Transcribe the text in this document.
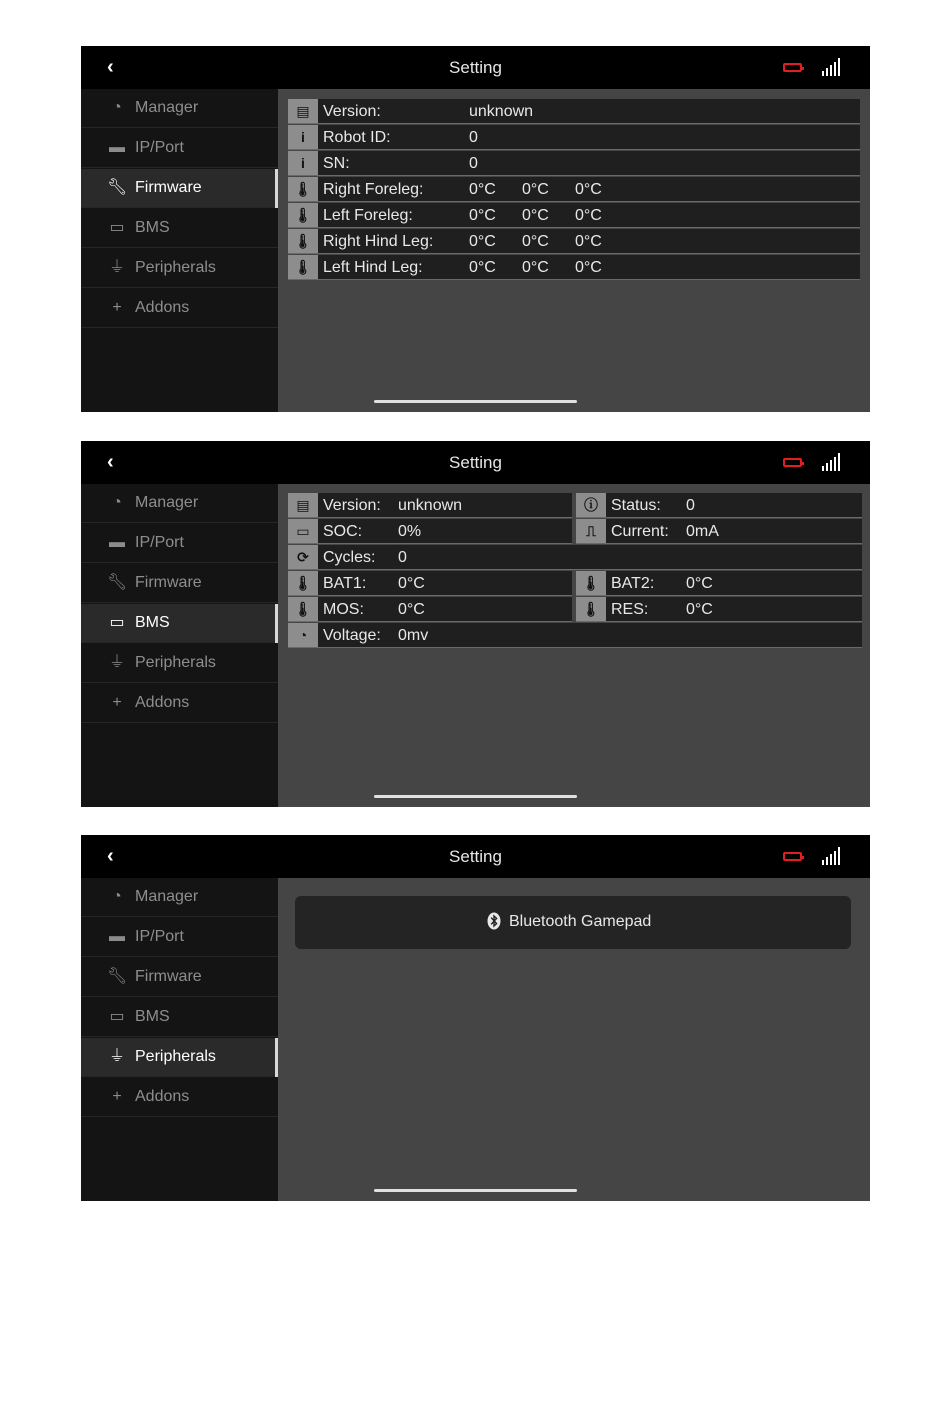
‹	Setting
◔ Manager
▬ IP/Port
🔧︎ Firmware
▭ BMS
⏚ Peripherals
+ Addons
▤ Version:	unknown
i	Robot ID:	0
i	SN:	0
🌡︎ Right Foreleg:	0°C 0°C 0°C
🌡︎ Left Foreleg:	0°C 0°C 0°C
🌡︎ Right Hind Leg: 0°C 0°C 0°C
🌡︎ Left Hind Leg:	0°C 0°C 0°C
‹	Setting
◔ Manager
▬ IP/Port
🔧︎ Firmware
▭ BMS
⏚ Peripherals
+ Addons
▤ Version: unknown	ⓘ Status: 0
▭ SOC: 0%	⎍ Current: 0mA
⟳ Cycles: 0
🌡︎ BAT1: 0°C	🌡︎ BAT2: 0°C
🌡︎ MOS: 0°C	🌡︎ RES: 0°C
◔ Voltage: 0mv
‹	Setting
◔ Manager
▬ IP/Port
🔧︎ Firmware
▭ BMS
⏚ Peripherals
+ Addons
Bluetooth Gamepad
